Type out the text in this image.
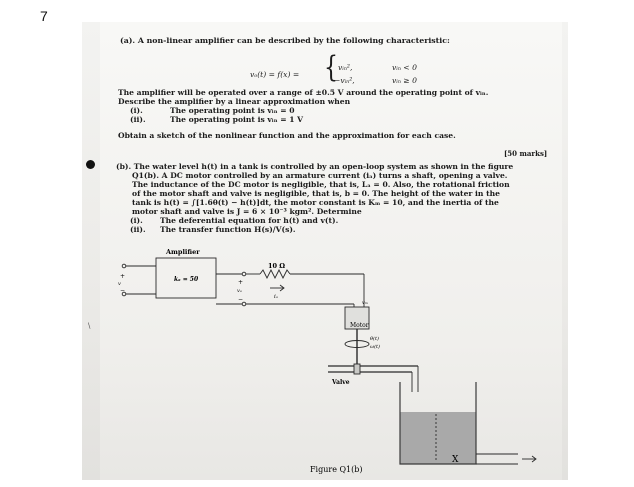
7
\
(a). A non-linear amplifier can be described by the following characteristic:
vₒ(t) = f(x) = { vᵢₙ²,	vᵢₙ < 0
−vᵢₙ²,	vᵢₙ ≥ 0
The amplifier will be operated over a range of ±0.5 V around the operating point of vᵢₙ.
Describe the amplifier by a linear approximation when
(i).	The operating point is vᵢₙ = 0
(ii).	The operating point is vᵢₙ = 1 V
Obtain a sketch of the nonlinear function and the approximation for each case.
[50 marks]
(b). The water level h(t) in a tank is controlled by an open-loop system as shown in the figure
Q1(b). A DC motor controlled by an armature current (iₐ) turns a shaft, opening a valve.
The inductance of the DC motor is negligible, that is, Lₐ = 0. Also, the rotational friction
of the motor shaft and valve is negligible, that is, b = 0. The height of the water in the
tank is h(t) = ∫[1.6θ(t) − h(t)]dt, the motor constant is Kₘ = 10, and the inertia of the
motor shaft and valve is J = 6 × 10⁻³ kgm². Determine
(i). The deferential equation for h(t) and v(t).
(ii). The transfer function H(s)/V(s).
X
Amplifier
kₐ = 50
+
v
−
+
vₐ
−
10 Ω
iₐ
vₘ
Motor
θ(t)
ω(t)
Valve
Figure Q1(b)
